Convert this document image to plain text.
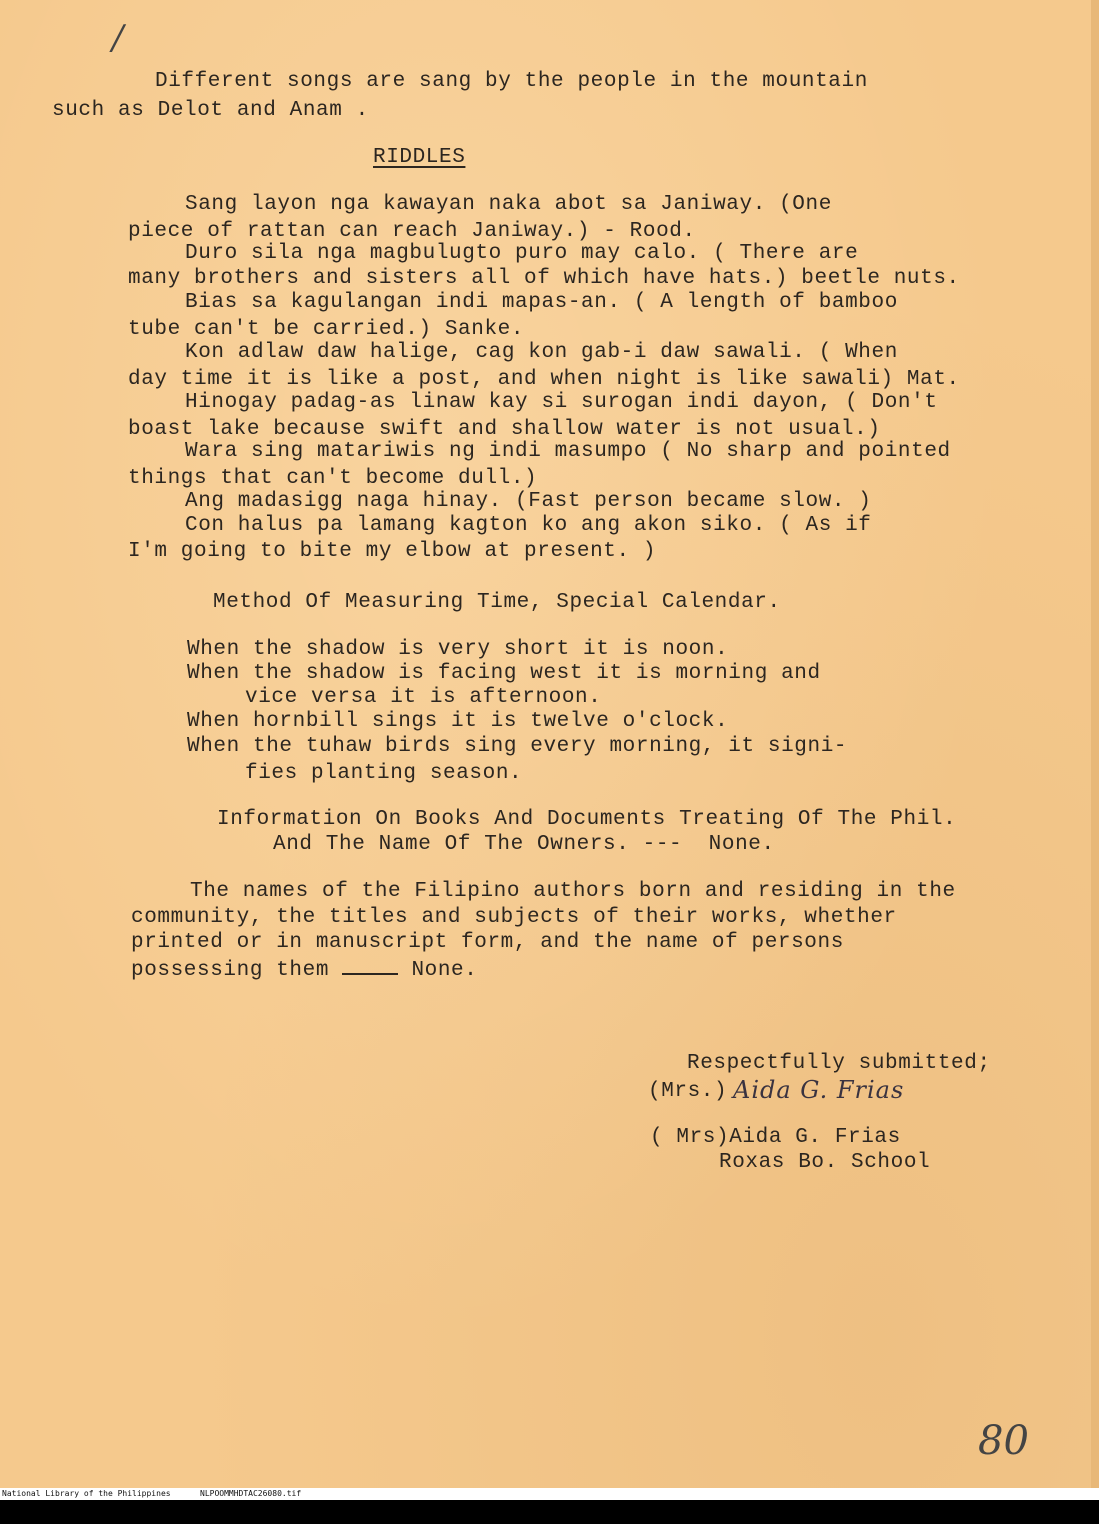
/
Different songs are sang by the people in the mountain
such as Delot and Anam .
RIDDLES
Sang layon nga kawayan naka abot sa Janiway. (One
piece of rattan can reach Janiway.) - Rood.
Duro sila nga magbulugto puro may calo. ( There are
many brothers and sisters all of which have hats.) beetle nuts.
Bias sa kagulangan indi mapas-an. ( A length of bamboo
tube can't be carried.) Sanke.
Kon adlaw daw halige, cag kon gab-i daw sawali. ( When
day time it is like a post, and when night is like sawali) Mat.
Hinogay padag-as linaw kay si surogan indi dayon, ( Don't
boast lake because swift and shallow water is not usual.)
Wara sing matariwis ng indi masumpo ( No sharp and pointed
things that can't become dull.)
Ang madasigg naga hinay. (Fast person became slow. )
Con halus pa lamang kagton ko ang akon siko. ( As if
I'm going to bite my elbow at present. )
Method Of Measuring Time, Special Calendar.
When the shadow is very short it is noon.
When the shadow is facing west it is morning and
vice versa it is afternoon.
When hornbill sings it is twelve o'clock.
When the tuhaw birds sing every morning, it signi-
fies planting season.
Information On Books And Documents Treating Of The Phil.
And The Name Of The Owners. ---  None.
The names of the Filipino authors born and residing in the
community, the titles and subjects of their works, whether
printed or in manuscript form, and the name of persons
possessing them	None.
Respectfully submitted;
(Mrs.) Aida G. Frias
( Mrs)Aida G. Frias
Roxas Bo. School
80

National Library of the Philippines

	NLPOOMMHDTAC26080.tif
